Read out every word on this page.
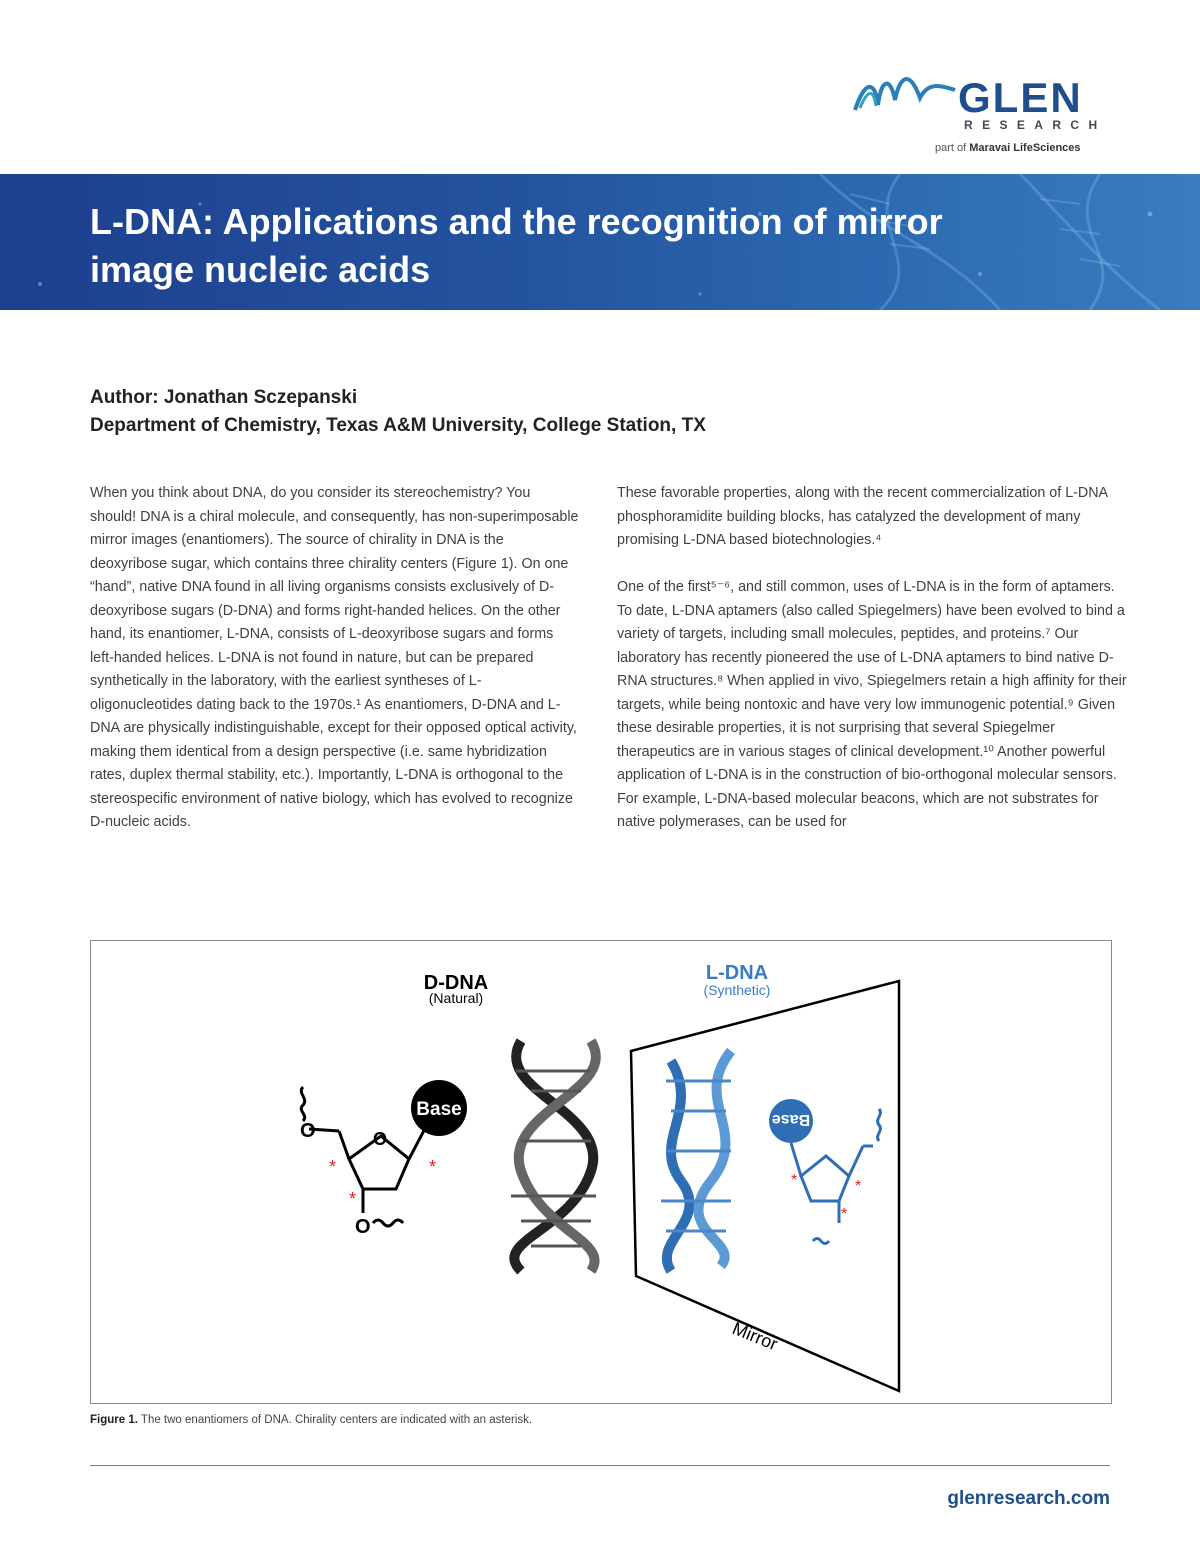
GLEN
RESEARCH
part of Maravai LifeSciences
L-DNA: Applications and the recognition of mirror image nucleic acids
Author: Jonathan Sczepanski
Department of Chemistry, Texas A&M University, College Station, TX

When you think about DNA, do you consider its stereochemistry? You should! DNA is a chiral molecule, and consequently, has non-superimposable mirror images (enantiomers). The source of chirality in DNA is the deoxyribose sugar, which contains three chirality centers (Figure 1). On one “hand”, native DNA found in all living organisms consists exclusively of D-deoxyribose sugars (D-DNA) and forms right-handed helices. On the other hand, its enantiomer, L-DNA, consists of L-deoxyribose sugars and forms left-handed helices. L-DNA is not found in nature, but can be prepared synthetically in the laboratory, with the earliest syntheses of L-oligonucleotides dating back to the 1970s.¹ As enantiomers, D-DNA and L-DNA are physically indistinguishable, except for their opposed optical activity, making them identical from a design perspective (i.e. same hybridization rates, duplex thermal stability, etc.). Importantly, L-DNA is orthogonal to the stereospecific environment of native biology, which has evolved to recognize D-nucleic acids.

These favorable properties, along with the recent commercialization of L-DNA phosphoramidite building blocks, has catalyzed the development of many promising L-DNA based biotechnologies.⁴

One of the first⁵⁻⁶, and still common, uses of L-DNA is in the form of aptamers. To date, L-DNA aptamers (also called Spiegelmers) have been evolved to bind a variety of targets, including small molecules, peptides, and proteins.⁷ Our laboratory has recently pioneered the use of L-DNA aptamers to bind native D-RNA structures.⁸ When applied in vivo, Spiegelmers retain a high affinity for their targets, while being nontoxic and have very low immunogenic potential.⁹ Given these desirable properties, it is not surprising that several Spiegelmer therapeutics are in various stages of clinical development.¹⁰ Another powerful application of L-DNA is in the construction of bio-orthogonal molecular sensors. For example, L-DNA-based molecular beacons, which are not substrates for native polymerases, can be used for

D-DNA
(Natural)
L-DNA
(Synthetic)
O	O
O
Base
*	*
*
Mirror
Base
*	*
*
Figure 1. The two enantiomers of DNA. Chirality centers are indicated with an asterisk.
glenresearch.com
